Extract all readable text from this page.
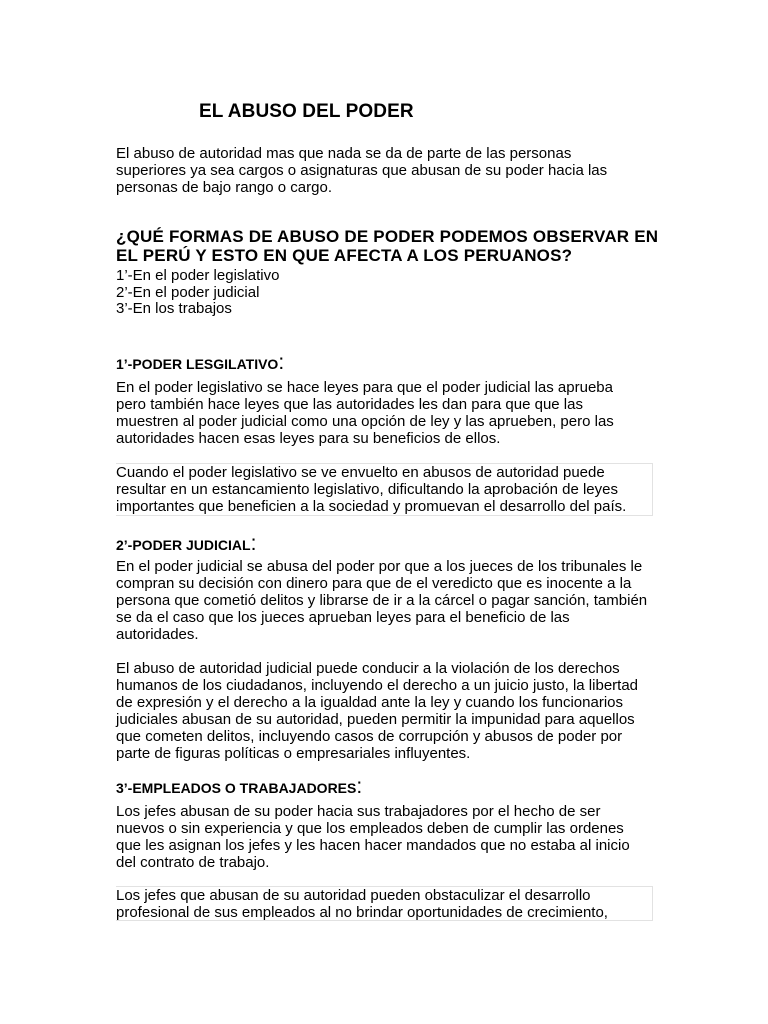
EL ABUSO DEL PODER

El abuso de autoridad mas que nada se da de parte de las personas superiores ya sea cargos o asignaturas que abusan de su poder hacia las personas de bajo rango o cargo.

¿QUÉ FORMAS DE ABUSO DE PODER PODEMOS OBSERVAR EN EL PERÚ Y ESTO EN QUE AFECTA A LOS PERUANOS?

1’-En el poder legislativo

2’-En el poder judicial

3’-En los trabajos

1’-PODER LESGILATIVO:

En el poder legislativo se hace leyes para que el poder judicial las aprueba pero también hace leyes que las autoridades les dan para que que las muestren al poder judicial como una opción de ley y las aprueben, pero las autoridades hacen esas leyes para su beneficios de ellos.

Cuando el poder legislativo se ve envuelto en abusos de autoridad puede resultar en un estancamiento legislativo, dificultando la aprobación de leyes importantes que beneficien a la sociedad y promuevan el desarrollo del país.

2’-PODER JUDICIAL:

En el poder judicial se abusa del poder por que a los jueces de los tribunales le compran su decisión con dinero para que de el veredicto que es inocente a la persona que cometió delitos y librarse de ir a la cárcel o pagar sanción, también se da el caso que los jueces aprueban leyes para el beneficio de las autoridades.

El abuso de autoridad judicial puede conducir a la violación de los derechos humanos de los ciudadanos, incluyendo el derecho a un juicio justo, la libertad de expresión y el derecho a la igualdad ante la ley y cuando los funcionarios judiciales abusan de su autoridad, pueden permitir la impunidad para aquellos que cometen delitos, incluyendo casos de corrupción y abusos de poder por parte de figuras políticas o empresariales influyentes.

3’-EMPLEADOS O TRABAJADORES:

Los jefes abusan de su poder hacia sus trabajadores por el hecho de ser nuevos o sin experiencia y que los empleados deben de cumplir las ordenes que les asignan los jefes y les hacen hacer mandados que no estaba al inicio del contrato de trabajo.

Los jefes que abusan de su autoridad pueden obstaculizar el desarrollo profesional de sus empleados al no brindar oportunidades de crecimiento,
